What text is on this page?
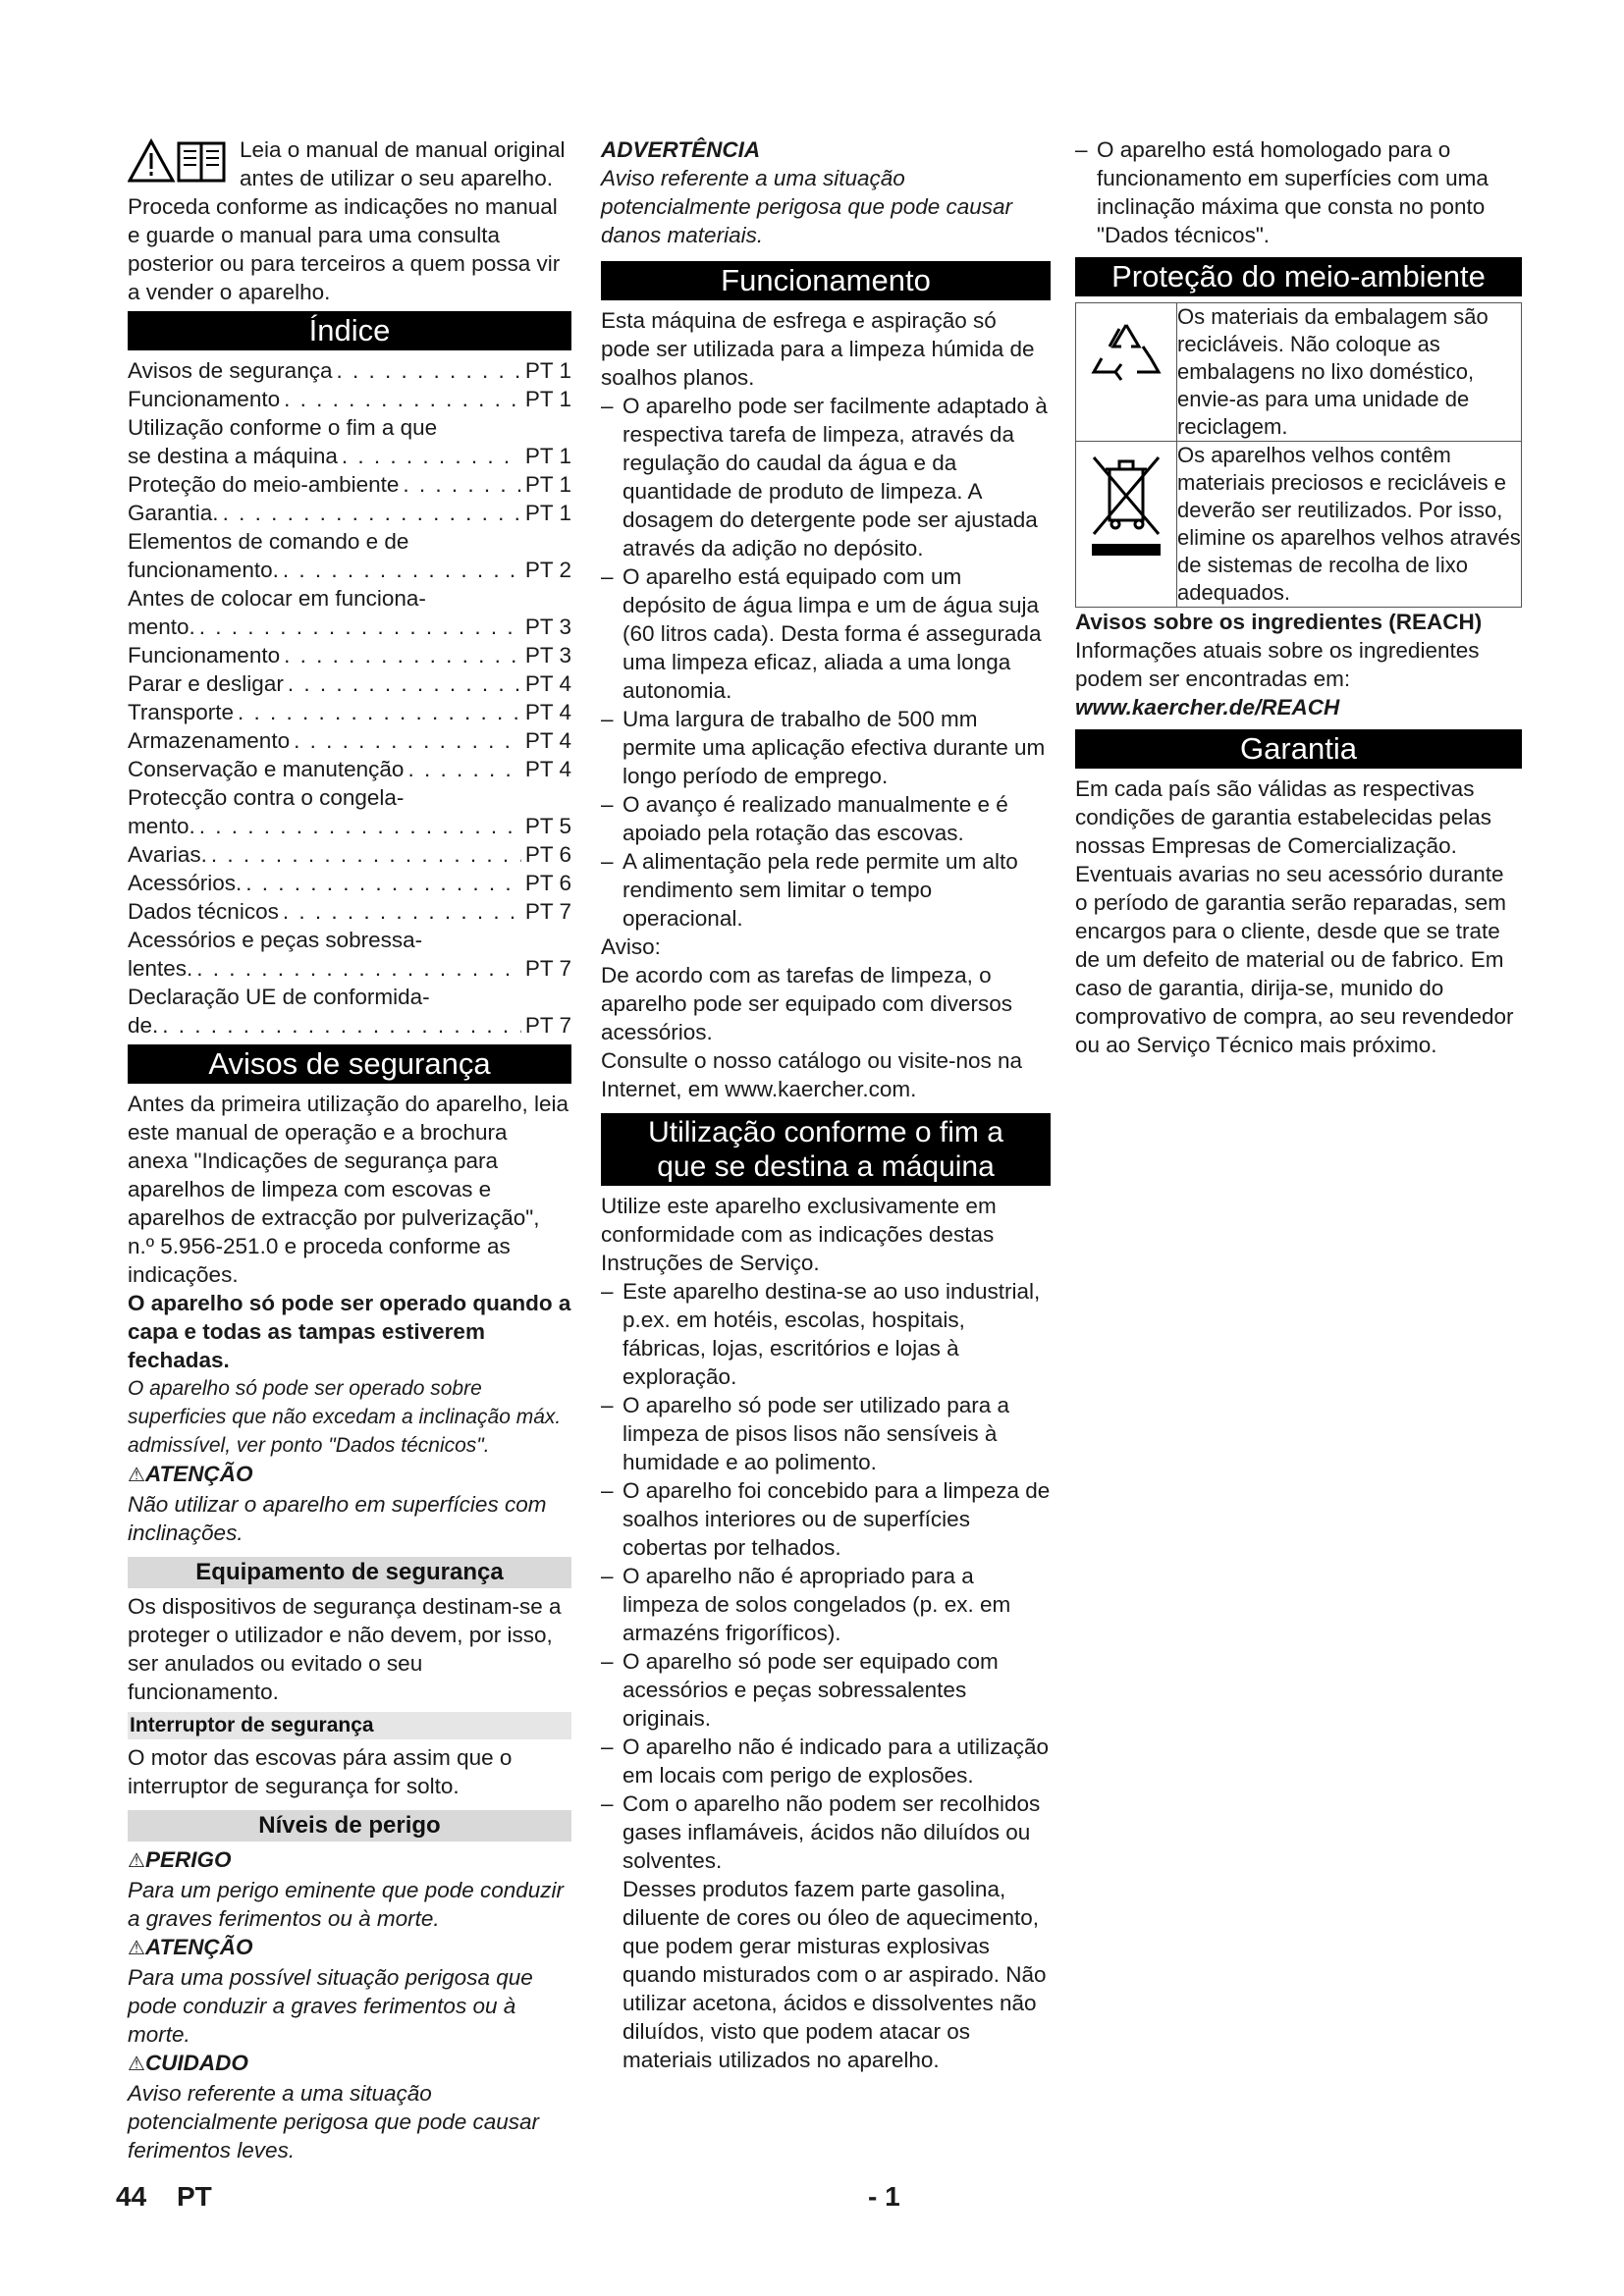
Leia o manual de manual original antes de utilizar o seu aparelho. Proceda conforme as indicações no manual e guarde o manual para uma consulta posterior ou para terceiros a quem possa vir a vender o aparelho.

Índice
Avisos de segurança . . .	PT 1
Funcionamento . . .	PT 1
Utilização conforme o fim a que
se destina a máquina . . .	PT 1
Proteção do meio-ambiente . . .	PT 1
Garantia. . . .	PT 1
Elementos de comando e de
funcionamento. . . .	PT 2
Antes de colocar em funciona-
mento. . . .	PT 3
Funcionamento . . .	PT 3
Parar e desligar . . .	PT 4
Transporte . . .	PT 4
Armazenamento . . .	PT 4
Conservação e manutenção . . .	PT 4
Protecção contra o congela-
mento. . . .	PT 5
Avarias. . . .	PT 6
Acessórios. . . .	PT 6
Dados técnicos . . .	PT 7
Acessórios e peças sobressa-
lentes. . . .	PT 7
Declaração UE de conformida-
de. . . .	PT 7
Avisos de segurança

Antes da primeira utilização do aparelho, leia este manual de operação e a brochura anexa "Indicações de segurança para aparelhos de limpeza com escovas e aparelhos de extracção por pulverização", n.º 5.956-251.0 e proceda conforme as indicações.

O aparelho só pode ser operado quando a capa e todas as tampas estiverem fechadas.

O aparelho só pode ser operado sobre superficies que não excedam a inclinação máx. admissível, ver ponto "Dados técnicos".

⚠ATENÇÃO

Não utilizar o aparelho em superfícies com inclinações.

Equipamento de segurança

Os dispositivos de segurança destinam-se a proteger o utilizador e não devem, por isso, ser anulados ou evitado o seu funcionamento.

Interruptor de segurança

O motor das escovas pára assim que o interruptor de segurança for solto.

Níveis de perigo

⚠PERIGO

Para um perigo eminente que pode conduzir a graves ferimentos ou à morte.

⚠ATENÇÃO

Para uma possível situação perigosa que pode conduzir a graves ferimentos ou à morte.

⚠CUIDADO

Aviso referente a uma situação potencialmente perigosa que pode causar ferimentos leves.

ADVERTÊNCIA

Aviso referente a uma situação potencialmente perigosa que pode causar danos materiais.

Funcionamento

Esta máquina de esfrega e aspiração só pode ser utilizada para a limpeza húmida de soalhos planos.

– O aparelho pode ser facilmente adaptado à respectiva tarefa de limpeza, através da regulação do caudal da água e da quantidade de produto de limpeza. A dosagem do detergente pode ser ajustada através da adição no depósito.
– O aparelho está equipado com um depósito de água limpa e um de água suja (60 litros cada). Desta forma é assegurada uma limpeza eficaz, aliada a uma longa autonomia.
– Uma largura de trabalho de 500 mm permite uma aplicação efectiva durante um longo período de emprego.
– O avanço é realizado manualmente e é apoiado pela rotação das escovas.
– A alimentação pela rede permite um alto rendimento sem limitar o tempo operacional.

Aviso:

De acordo com as tarefas de limpeza, o aparelho pode ser equipado com diversos acessórios.

Consulte o nosso catálogo ou visite-nos na Internet, em www.kaercher.com.

Utilização conforme o fim a
que se destina a máquina

Utilize este aparelho exclusivamente em conformidade com as indicações destas Instruções de Serviço.

– Este aparelho destina-se ao uso industrial, p.ex. em hotéis, escolas, hospitais, fábricas, lojas, escritórios e lojas à exploração.
– O aparelho só pode ser utilizado para a limpeza de pisos lisos não sensíveis à humidade e ao polimento.
– O aparelho foi concebido para a limpeza de soalhos interiores ou de superfícies cobertas por telhados.
– O aparelho não é apropriado para a limpeza de solos congelados (p. ex. em armazéns frigoríficos).
– O aparelho só pode ser equipado com acessórios e peças sobressalentes originais.
– O aparelho não é indicado para a utilização em locais com perigo de explosões.
– Com o aparelho não podem ser recolhidos gases inflamáveis, ácidos não diluídos ou solventes.
Desses produtos fazem parte gasolina, diluente de cores ou óleo de aquecimento, que podem gerar misturas explosivas quando misturados com o ar aspirado. Não utilizar acetona, ácidos e dissolventes não diluídos, visto que podem atacar os materiais utilizados no aparelho.
– O aparelho está homologado para o funcionamento em superfícies com uma inclinação máxima que consta no ponto "Dados técnicos".
Proteção do meio-ambiente
	Os materiais da embalagem são recicláveis. Não coloque as embalagens no lixo doméstico, envie-as para uma unidade de reciclagem.
	Os aparelhos velhos contêm materiais preciosos e recicláveis e deverão ser reutilizados. Por isso, elimine os aparelhos velhos através de sistemas de recolha de lixo adequados.

Avisos sobre os ingredientes (REACH)

Informações atuais sobre os ingredientes podem ser encontradas em:

www.kaercher.de/REACH

Garantia

Em cada país são válidas as respectivas condições de garantia estabelecidas pelas nossas Empresas de Comercialização. Eventuais avarias no seu acessório durante o período de garantia serão reparadas, sem encargos para o cliente, desde que se trate de um defeito de material ou de fabrico. Em caso de garantia, dirija-se, munido do comprovativo de compra, ao seu revendedor ou ao Serviço Técnico mais próximo.

44 PT	- 1
